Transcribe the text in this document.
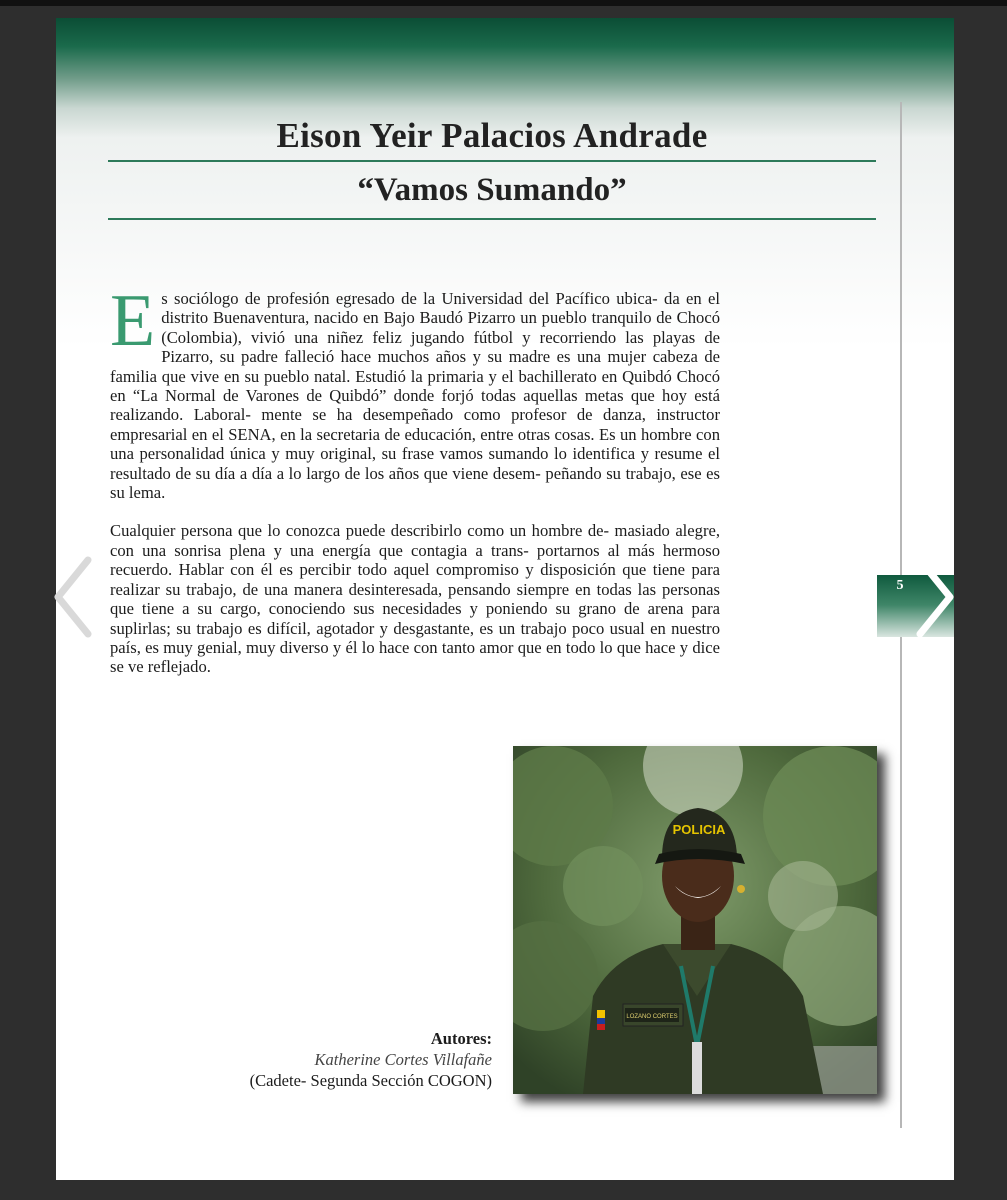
Eison Yeir Palacios Andrade
“Vamos Sumando”

Es sociólogo de profesión egresado de la Universidad del Pacífico ubica- da en el distrito Buenaventura, nacido en Bajo Baudó Pizarro un pueblo tranquilo de Chocó (Colombia), vivió una niñez feliz jugando fútbol y recorriendo las playas de Pizarro, su padre falleció hace muchos años y su madre es una mujer cabeza de familia que vive en su pueblo natal. Estudió la primaria y el bachillerato en Quibdó Chocó en “La Normal de Varones de Quibdó” donde forjó todas aquellas metas que hoy está realizando. Laboral- mente se ha desempeñado como profesor de danza, instructor empresarial en el SENA, en la secretaria de educación, entre otras cosas. Es un hombre con una personalidad única y muy original, su frase vamos sumando lo identifica y resume el resultado de su día a día a lo largo de los años que viene desem- peñando su trabajo, ese es su lema.

Cualquier persona que lo conozca puede describirlo como un hombre de- masiado alegre, con una sonrisa plena y una energía que contagia a trans- portarnos al más hermoso recuerdo. Hablar con él es percibir todo aquel compromiso y disposición que tiene para realizar su trabajo, de una manera desinteresada, pensando siempre en todas las personas que tiene a su cargo, conociendo sus necesidades y poniendo su grano de arena para suplirlas; su trabajo es difícil, agotador y desgastante, es un trabajo poco usual en nuestro país, es muy genial, muy diverso y él lo hace con tanto amor que en todo lo que hace y dice se ve reflejado.

Autores:
Katherine Cortes Villafañe
(Cadete- Segunda Sección COGON)
LOZANO CORTES
POLICIA
5
